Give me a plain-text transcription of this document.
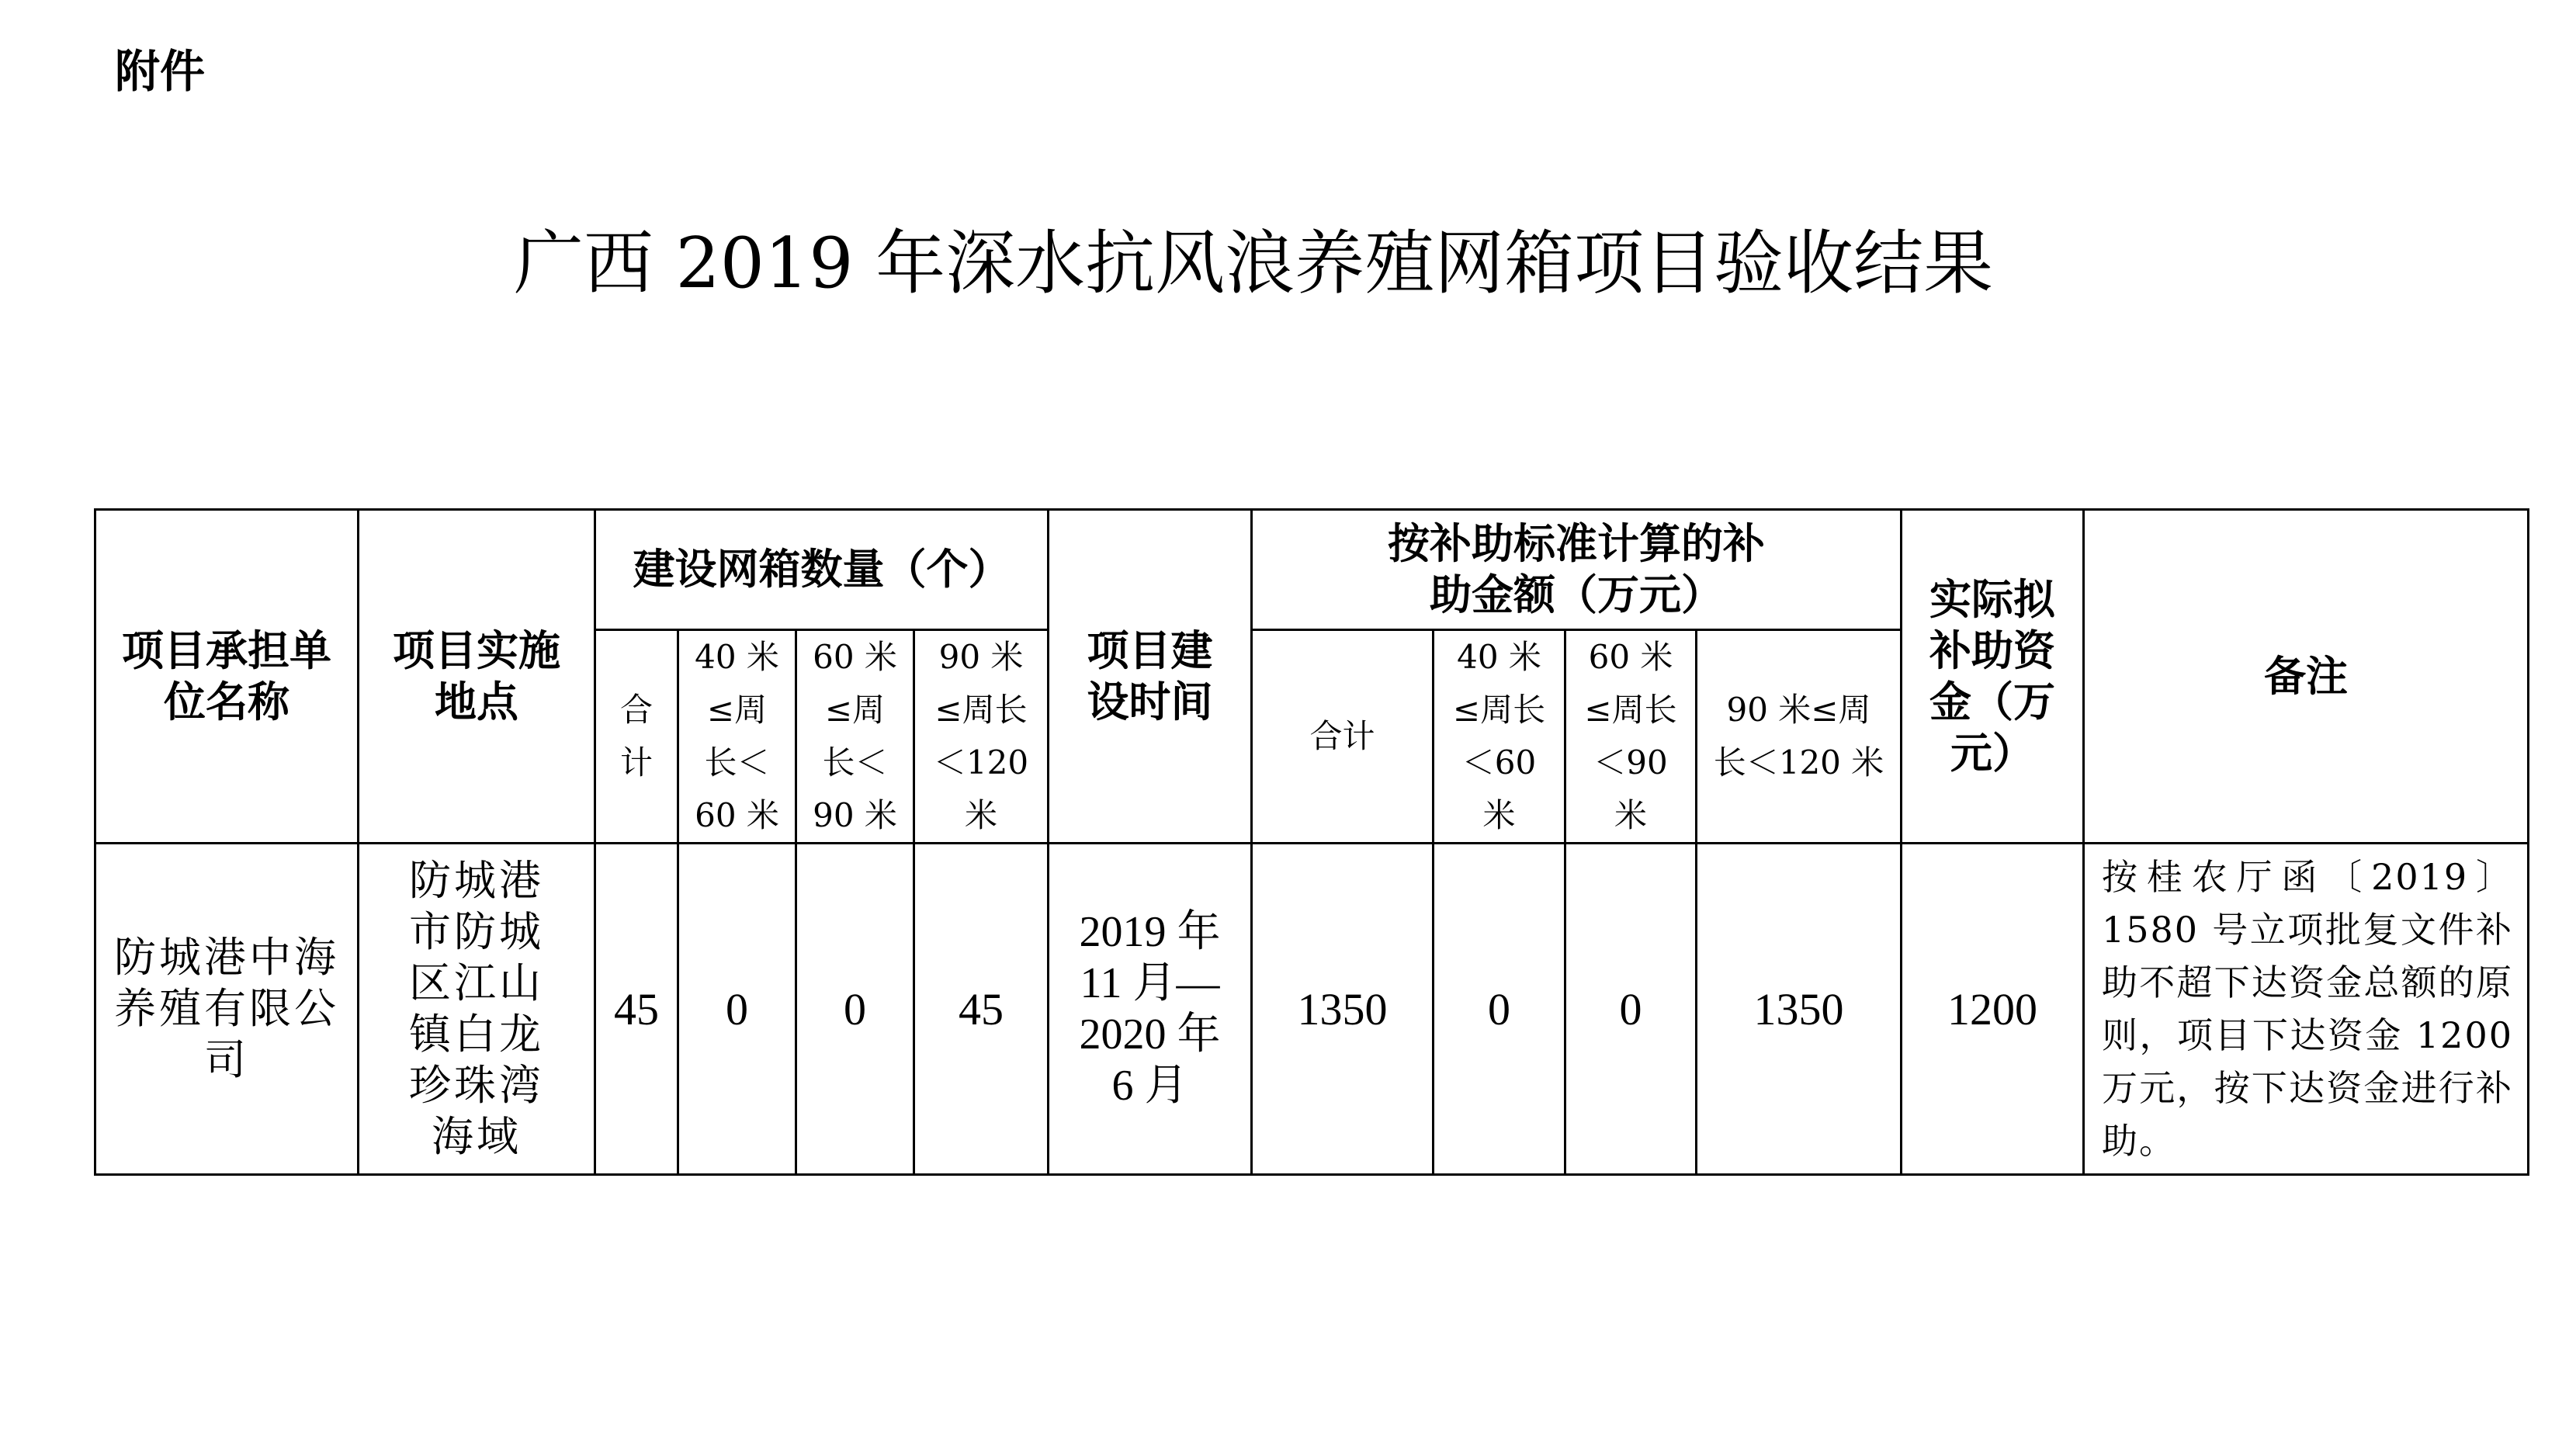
附件
广西 2019 年深水抗风浪养殖网箱项目验收结果
项目承担单位名称	项目实施地点	建设网箱数量（个）				项目建设时间	按补助标准计算的补助金额（万元）				实际拟补助资金（万元）	备注

		合计	40 米≤周长＜60 米	60 米≤周长＜90 米	90 米≤周长＜120 米		合计	40 米≤周长＜60 米	60 米≤周长＜90 米	90 米≤周长＜120 米		

防城港中海养殖有限公司	防城港市防城区江山镇白龙珍珠湾海域	45	0	0	45	2019 年 11 月—2020 年 6 月	1350	0	0	1350	1200	按桂农厅函〔2019〕1580 号立项批复文件补助不超下达资金总额的原则，项目下达资金 1200 万元，按下达资金进行补助。
